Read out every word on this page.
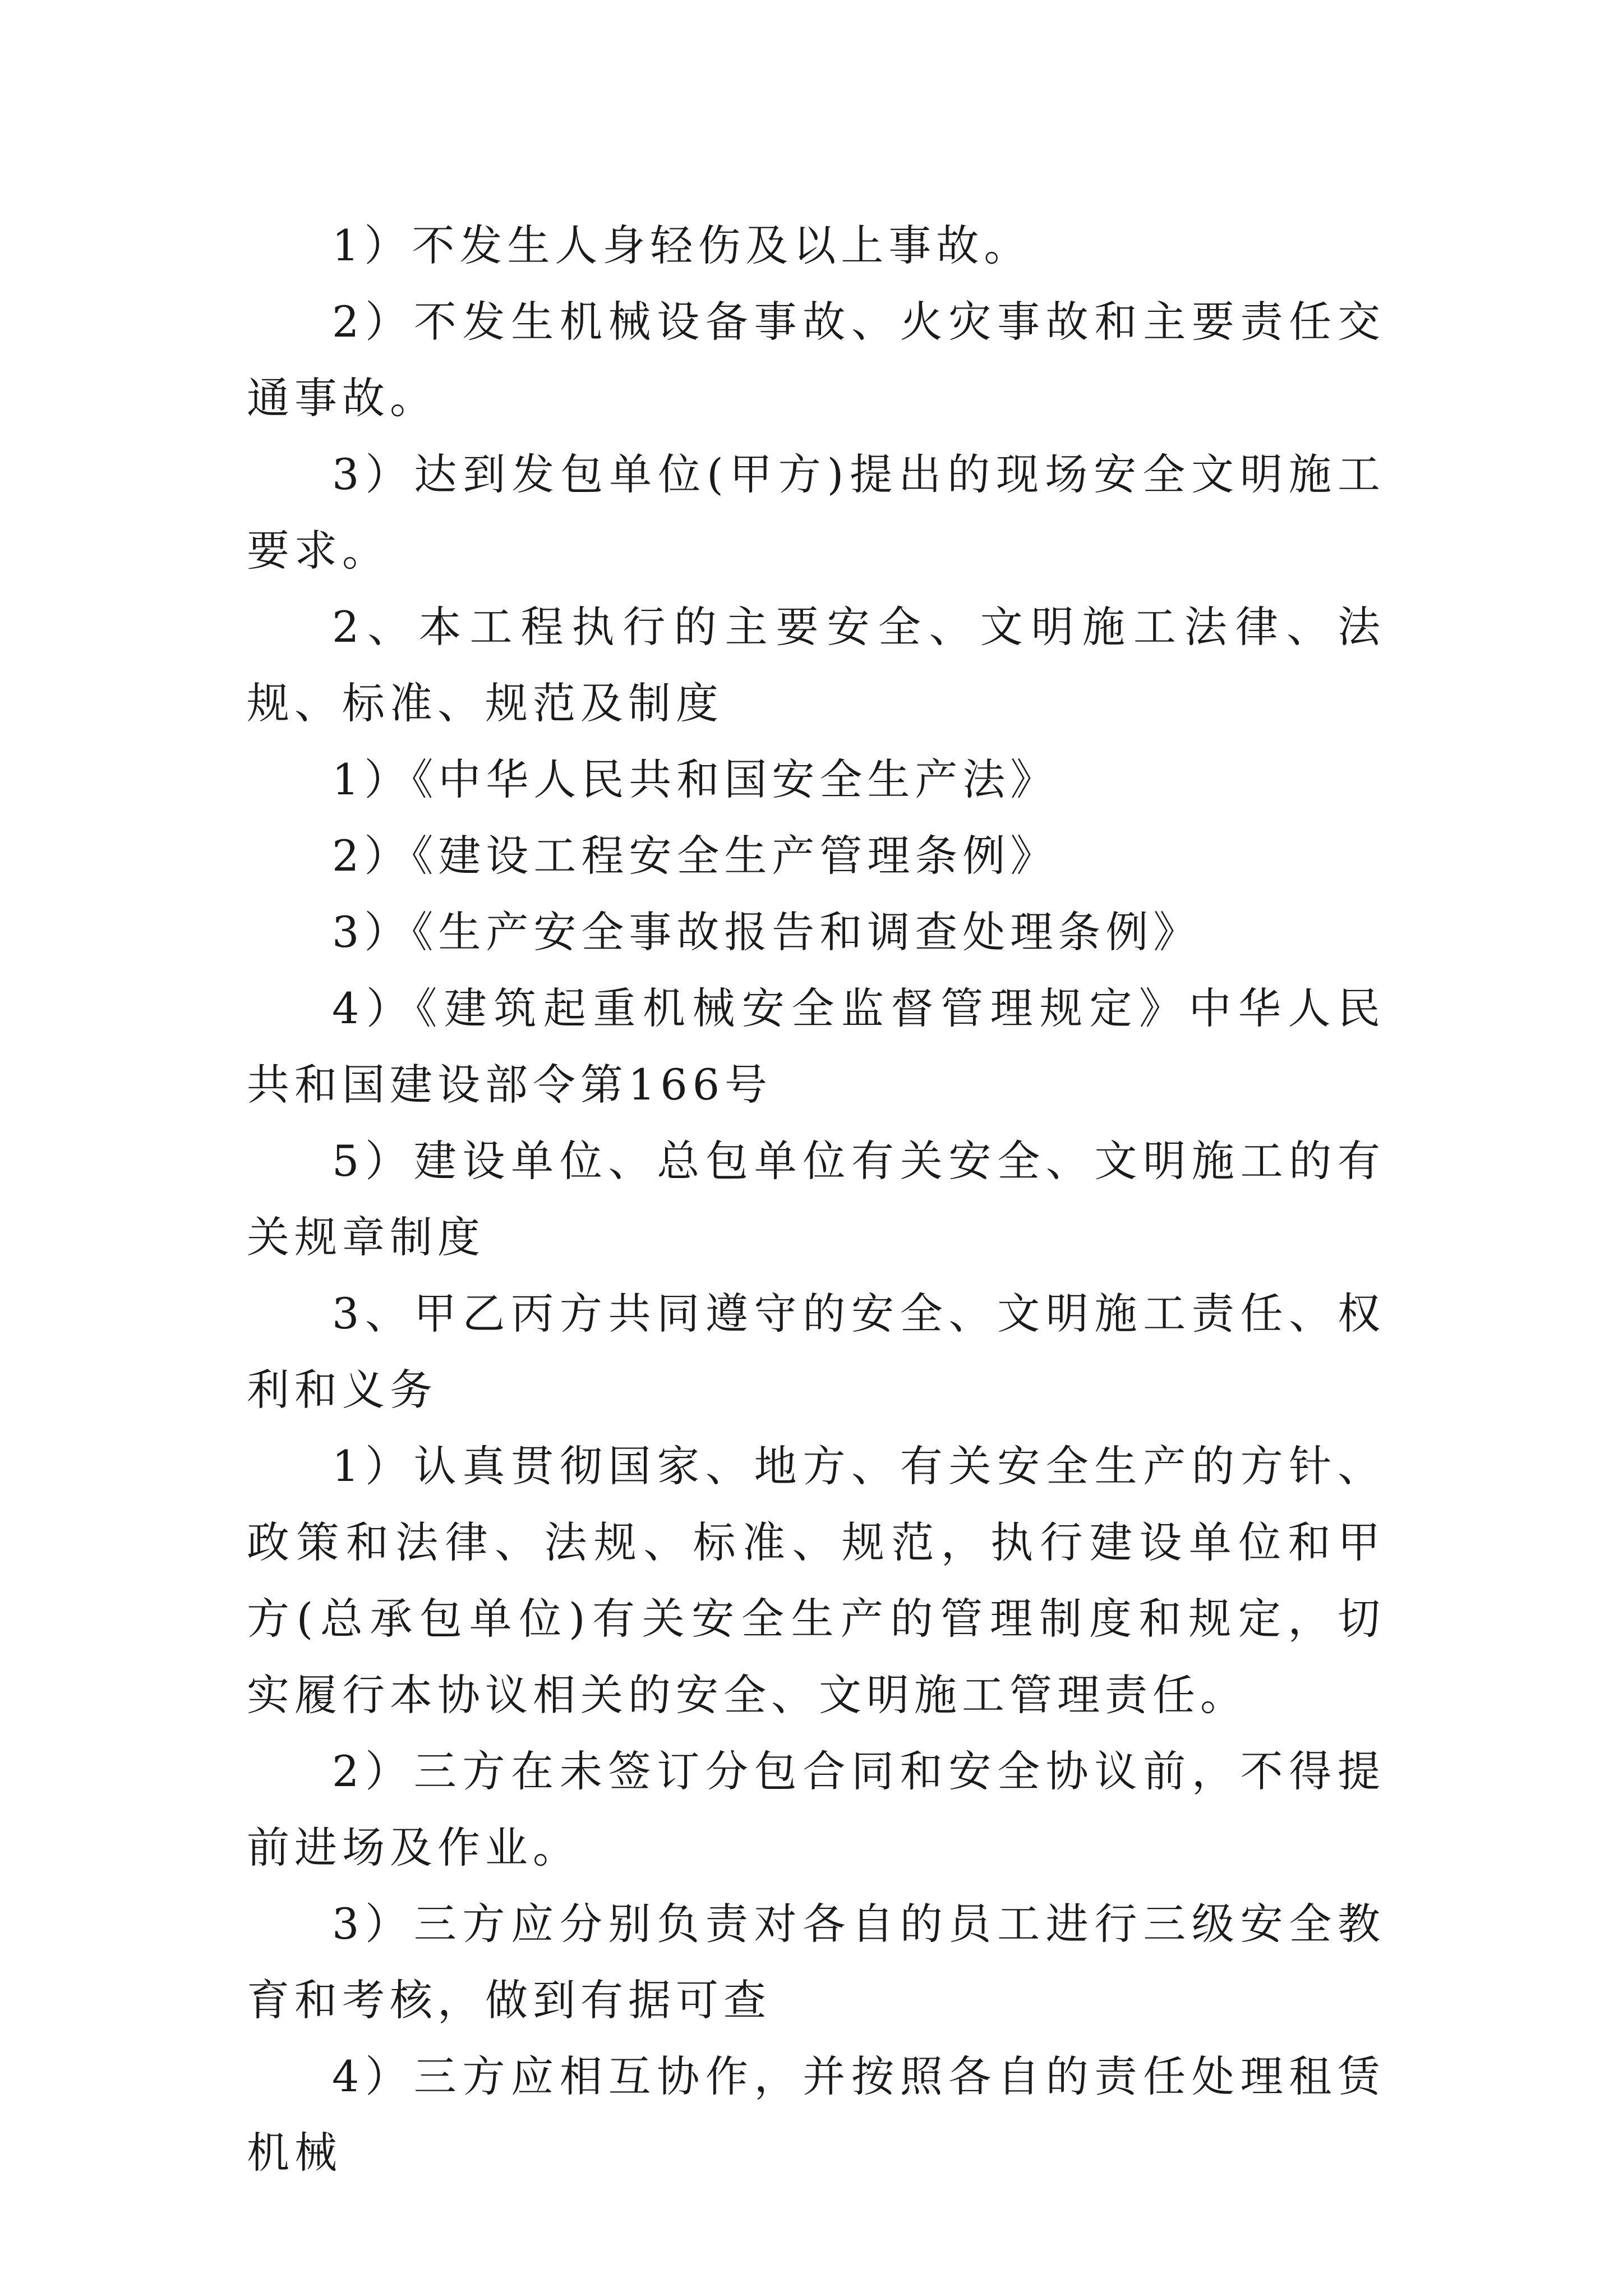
1）不发生人身轻伤及以上事故。

2）不发生机械设备事故、火灾事故和主要责任交通事故。

3）达到发包单位(甲方)提出的现场安全文明施工要求。

2、本工程执行的主要安全、文明施工法律、法规、标准、规范及制度

1）《中华人民共和国安全生产法》

2）《建设工程安全生产管理条例》

3）《生产安全事故报告和调查处理条例》

4）《建筑起重机械安全监督管理规定》中华人民共和国建设部令第166号

5）建设单位、总包单位有关安全、文明施工的有关规章制度

3、甲乙丙方共同遵守的安全、文明施工责任、权利和义务

1）认真贯彻国家、地方、有关安全生产的方针、政策和法律、法规、标准、规范，执行建设单位和甲方(总承包单位)有关安全生产的管理制度和规定，切实履行本协议相关的安全、文明施工管理责任。

2）三方在未签订分包合同和安全协议前，不得提前进场及作业。

3）三方应分别负责对各自的员工进行三级安全教育和考核，做到有据可查

4）三方应相互协作，并按照各自的责任处理租赁机械
